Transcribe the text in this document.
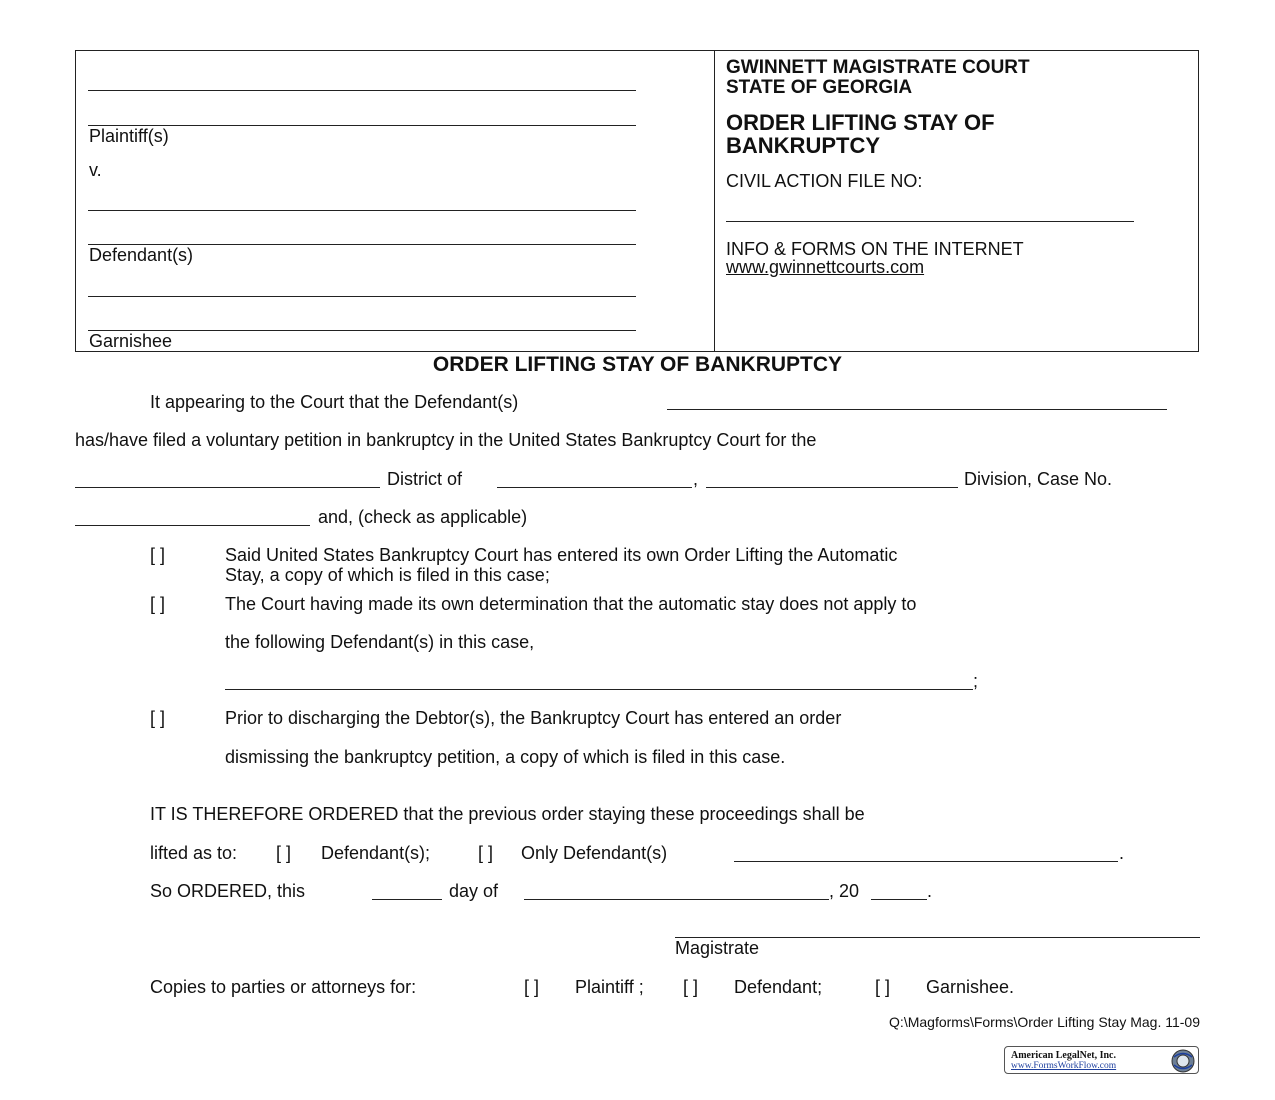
Plaintiff(s)
v.
Defendant(s)
Garnishee
GWINNETT MAGISTRATE COURT
STATE OF GEORGIA
ORDER LIFTING STAY OF
BANKRUPTCY
CIVIL ACTION FILE NO:
INFO & FORMS ON THE INTERNET
www.gwinnettcourts.com
ORDER LIFTING STAY OF BANKRUPTCY
It appearing to the Court that the Defendant(s)
has/have filed a voluntary petition in bankruptcy in the United States Bankruptcy Court for the
District of	,	Division, Case No.
and, (check as applicable)
[ ]	Said United States Bankruptcy Court has entered its own Order Lifting the Automatic
Stay, a copy of which is filed in this case;
[ ]	The Court having made its own determination that the automatic stay does not apply to
the following Defendant(s) in this case,
;
[ ]	Prior to discharging the Debtor(s), the Bankruptcy Court has entered an order
dismissing the bankruptcy petition, a copy of which is filed in this case.
IT IS THEREFORE ORDERED that the previous order staying these proceedings shall be
lifted as to: [ ] Defendant(s);	[ ] Only Defendant(s)	.
So ORDERED, this	day of	, 20	.
Magistrate
Copies to parties or attorneys for:	[ ] Plaintiff ; [ ] Defendant;	[ ] Garnishee.
Q:\Magforms\Forms\Order Lifting Stay Mag. 11-09
American LegalNet, Inc.
www.FormsWorkFlow.com
